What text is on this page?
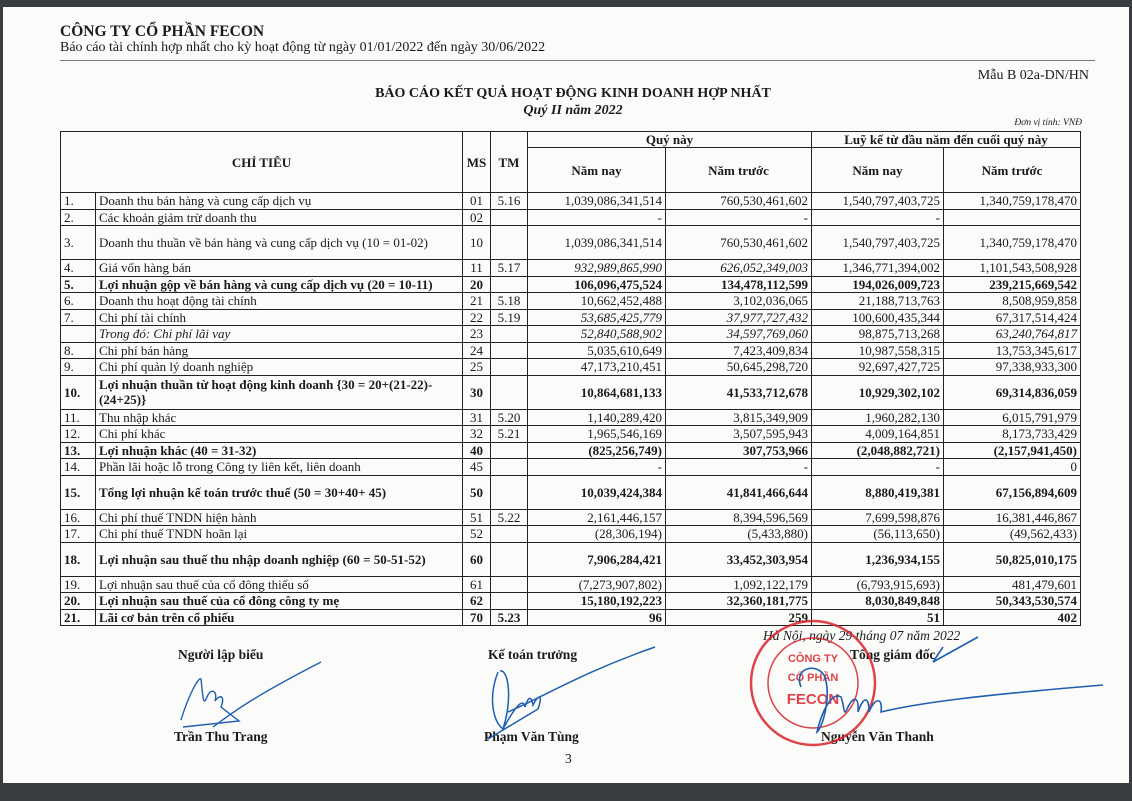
CÔNG TY CỔ PHẦN FECON
Báo cáo tài chính hợp nhất cho kỳ hoạt động từ ngày 01/01/2022 đến ngày 30/06/2022
Mẫu B 02a-DN/HN
BÁO CÁO KẾT QUẢ HOẠT ĐỘNG KINH DOANH HỢP NHẤT
Quý II năm 2022
Đơn vị tính: VNĐ
CHỈ TIÊU		MS	TM	Quý này		Luỹ kế từ đầu năm đến cuối quý này	
				Năm nay	Năm trước	Năm nay	Năm trước
1.	Doanh thu bán hàng và cung cấp dịch vụ	01	5.16	1,039,086,341,514	760,530,461,602	1,540,797,403,725	1,340,759,178,470
2.	Các khoản giảm trừ doanh thu	02		-	-	-	
3.	Doanh thu thuần về bán hàng và cung cấp dịch vụ (10 = 01-02)	10		1,039,086,341,514	760,530,461,602	1,540,797,403,725	1,340,759,178,470
4.	Giá vốn hàng bán	11	5.17	932,989,865,990	626,052,349,003	1,346,771,394,002	1,101,543,508,928
5.	Lợi nhuận gộp về bán hàng và cung cấp dịch vụ (20 = 10-11)	20		106,096,475,524	134,478,112,599	194,026,009,723	239,215,669,542
6.	Doanh thu hoạt động tài chính	21	5.18	10,662,452,488	3,102,036,065	21,188,713,763	8,508,959,858
7.	Chi phí tài chính	22	5.19	53,685,425,779	37,977,727,432	100,600,435,344	67,317,514,424
	Trong đó: Chi phí lãi vay	23		52,840,588,902	34,597,769,060	98,875,713,268	63,240,764,817
8.	Chi phí bán hàng	24		5,035,610,649	7,423,409,834	10,987,558,315	13,753,345,617
9.	Chi phí quản lý doanh nghiệp	25		47,173,210,451	50,645,298,720	92,697,427,725	97,338,933,300
10.	Lợi nhuận thuần từ hoạt động kinh doanh {30 = 20+(21-22)-(24+25)}	30		10,864,681,133	41,533,712,678	10,929,302,102	69,314,836,059
11.	Thu nhập khác	31	5.20	1,140,289,420	3,815,349,909	1,960,282,130	6,015,791,979
12.	Chi phí khác	32	5.21	1,965,546,169	3,507,595,943	4,009,164,851	8,173,733,429
13.	Lợi nhuận khác (40 = 31-32)	40		(825,256,749)	307,753,966	(2,048,882,721)	(2,157,941,450)
14.	Phần lãi hoặc lỗ trong Công ty liên kết, liên doanh	45		-	-	-	0
15.	Tổng lợi nhuận kế toán trước thuế (50 = 30+40+ 45)	50		10,039,424,384	41,841,466,644	8,880,419,381	67,156,894,609
16.	Chi phí thuế TNDN hiện hành	51	5.22	2,161,446,157	8,394,596,569	7,699,598,876	16,381,446,867
17.	Chi phí thuế TNDN hoãn lại	52		(28,306,194)	(5,433,880)	(56,113,650)	(49,562,433)
18.	Lợi nhuận sau thuế thu nhập doanh nghiệp (60 = 50-51-52)	60		7,906,284,421	33,452,303,954	1,236,934,155	50,825,010,175
19.	Lợi nhuận sau thuế của cổ đông thiểu số	61		(7,273,907,802)	1,092,122,179	(6,793,915,693)	481,479,601
20.	Lợi nhuận sau thuế của cổ đông công ty mẹ	62		15,180,192,223	32,360,181,775	8,030,849,848	50,343,530,574
21.	Lãi cơ bản trên cổ phiếu	70	5.23	96	259	51	402
Hà Nội, ngày 29 tháng 07 năm 2022
Người lập biểu	Kế toán trưởng	Tổng giám đốc
Trần Thu Trang	Phạm Văn Tùng	Nguyễn Văn Thanh
3
CÔNG TY
CỔ PHẦN
FECON
